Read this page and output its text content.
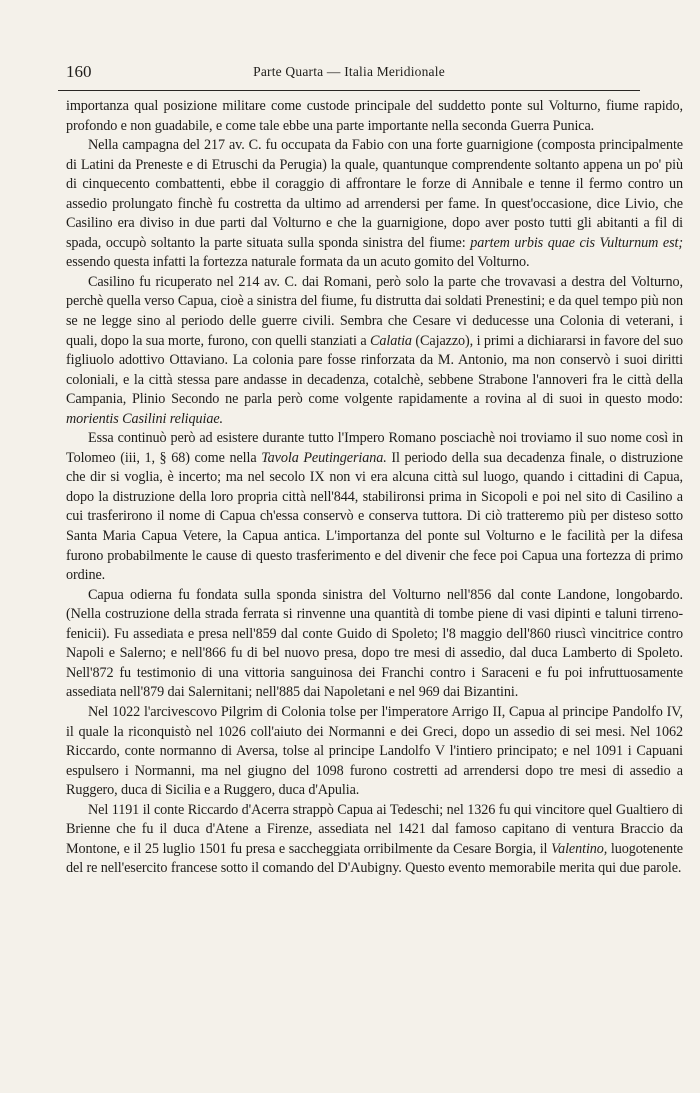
160	Parte Quarta — Italia Meridionale

importanza qual posizione militare come custode principale del suddetto ponte sul Volturno, fiume rapido, profondo e non guadabile, e come tale ebbe una parte importante nella seconda Guerra Punica.

Nella campagna del 217 av. C. fu occupata da Fabio con una forte guarnigione (composta principalmente di Latini da Preneste e di Etruschi da Perugia) la quale, quantunque comprendente soltanto appena un po' più di cinquecento combattenti, ebbe il coraggio di affrontare le forze di Annibale e tenne il fermo contro un assedio prolungato finchè fu costretta da ultimo ad arrendersi per fame. In quest'occasione, dice Livio, che Casilino era diviso in due parti dal Volturno e che la guarnigione, dopo aver posto tutti gli abitanti a fil di spada, occupò soltanto la parte situata sulla sponda sinistra del fiume: partem urbis quae cis Vulturnum est; essendo questa infatti la fortezza naturale formata da un acuto gomito del Volturno.

Casilino fu ricuperato nel 214 av. C. dai Romani, però solo la parte che trovavasi a destra del Volturno, perchè quella verso Capua, cioè a sinistra del fiume, fu distrutta dai soldati Prenestini; e da quel tempo più non se ne legge sino al periodo delle guerre civili. Sembra che Cesare vi deducesse una Colonia di veterani, i quali, dopo la sua morte, furono, con quelli stanziati a Calatia (Cajazzo), i primi a dichiararsi in favore del suo figliuolo adottivo Ottaviano. La colonia pare fosse rinforzata da M. Antonio, ma non conservò i suoi diritti coloniali, e la città stessa pare andasse in decadenza, cotalchè, sebbene Strabone l'annoveri fra le città della Campania, Plinio Secondo ne parla però come volgente rapidamente a rovina al di suoi in questo modo: morientis Casilini reliquiae.

Essa continuò però ad esistere durante tutto l'Impero Romano posciachè noi troviamo il suo nome così in Tolomeo (iii, 1, § 68) come nella Tavola Peutingeriana. Il periodo della sua decadenza finale, o distruzione che dir si voglia, è incerto; ma nel secolo IX non vi era alcuna città sul luogo, quando i cittadini di Capua, dopo la distruzione della loro propria città nell'844, stabilironsi prima in Sicopoli e poi nel sito di Casilino a cui trasferirono il nome di Capua ch'essa conservò e conserva tuttora. Di ciò tratteremo più per disteso sotto Santa Maria Capua Vetere, la Capua antica. L'importanza del ponte sul Volturno e le facilità per la difesa furono probabilmente le cause di questo trasferimento e del divenir che fece poi Capua una fortezza di primo ordine.

Capua odierna fu fondata sulla sponda sinistra del Volturno nell'856 dal conte Landone, longobardo. (Nella costruzione della strada ferrata si rinvenne una quantità di tombe piene di vasi dipinti e taluni tirreno-fenicii). Fu assediata e presa nell'859 dal conte Guido di Spoleto; l'8 maggio dell'860 riuscì vincitrice contro Napoli e Salerno; e nell'866 fu di bel nuovo presa, dopo tre mesi di assedio, dal duca Lamberto di Spoleto. Nell'872 fu testimonio di una vittoria sanguinosa dei Franchi contro i Saraceni e fu poi infruttuosamente assediata nell'879 dai Salernitani; nell'885 dai Napoletani e nel 969 dai Bizantini.

Nel 1022 l'arcivescovo Pilgrim di Colonia tolse per l'imperatore Arrigo II, Capua al principe Pandolfo IV, il quale la riconquistò nel 1026 coll'aiuto dei Normanni e dei Greci, dopo un assedio di sei mesi. Nel 1062 Riccardo, conte normanno di Aversa, tolse al principe Landolfo V l'intiero principato; e nel 1091 i Capuani espulsero i Normanni, ma nel giugno del 1098 furono costretti ad arrendersi dopo tre mesi di assedio a Ruggero, duca di Sicilia e a Ruggero, duca d'Apulia.

Nel 1191 il conte Riccardo d'Acerra strappò Capua ai Tedeschi; nel 1326 fu qui vincitore quel Gualtiero di Brienne che fu il duca d'Atene a Firenze, assediata nel 1421 dal famoso capitano di ventura Braccio da Montone, e il 25 luglio 1501 fu presa e saccheggiata orribilmente da Cesare Borgia, il Valentino, luogotenente del re nell'esercito francese sotto il comando del D'Aubigny. Questo evento memorabile merita qui due parole.
